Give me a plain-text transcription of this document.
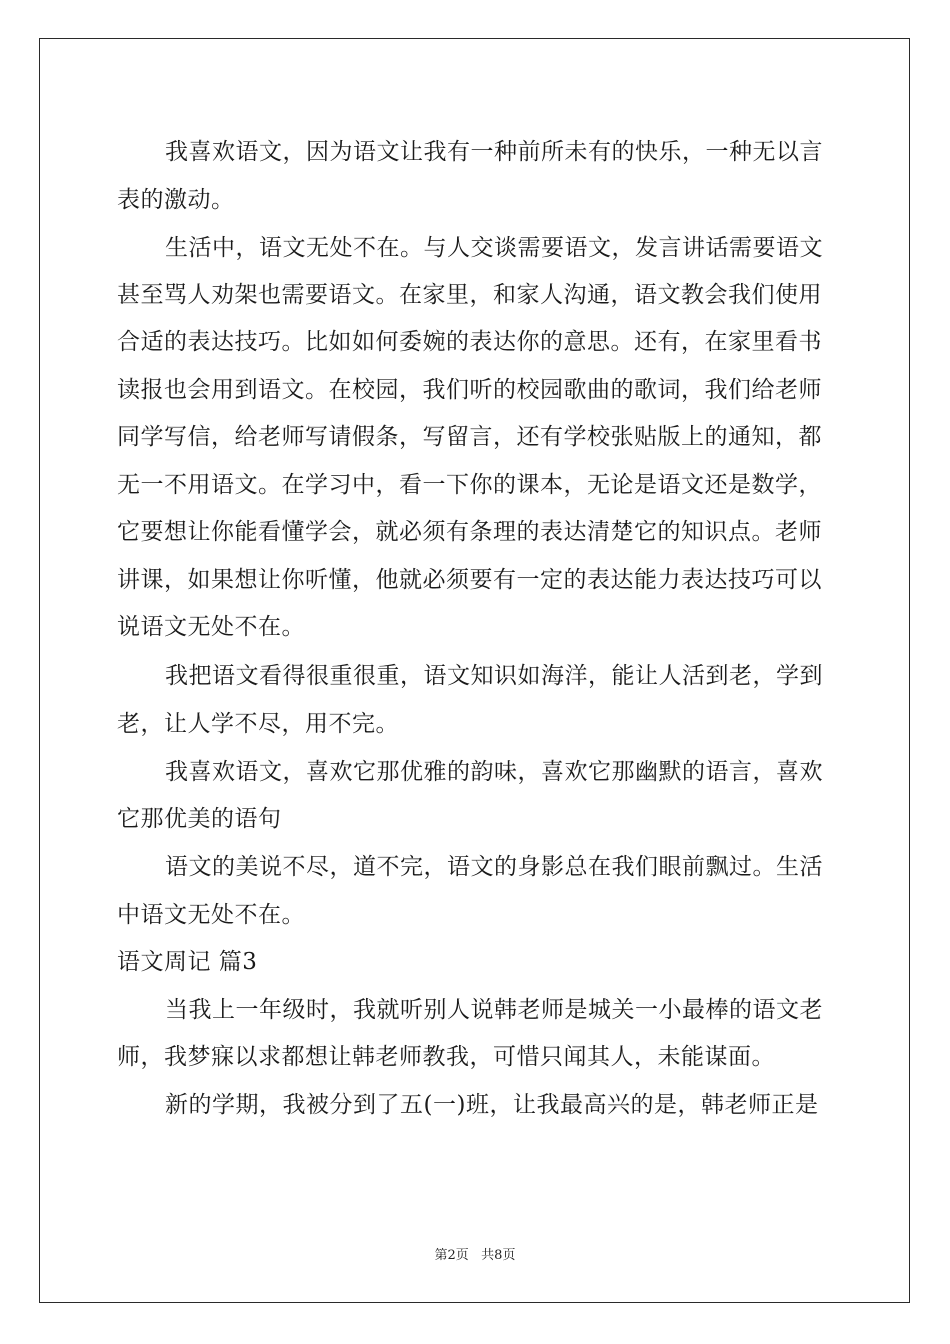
我喜欢语文，因为语文让我有一种前所未有的快乐，一种无以言
表的激动。
生活中，语文无处不在。与人交谈需要语文，发言讲话需要语文
甚至骂人劝架也需要语文。在家里，和家人沟通，语文教会我们使用
合适的表达技巧。比如如何委婉的表达你的意思。还有，在家里看书
读报也会用到语文。在校园，我们听的校园歌曲的歌词，我们给老师
同学写信，给老师写请假条，写留言，还有学校张贴版上的通知，都
无一不用语文。在学习中，看一下你的课本，无论是语文还是数学，
它要想让你能看懂学会，就必须有条理的表达清楚它的知识点。老师
讲课，如果想让你听懂，他就必须要有一定的表达能力表达技巧可以
说语文无处不在。
我把语文看得很重很重，语文知识如海洋，能让人活到老，学到
老，让人学不尽，用不完。
我喜欢语文，喜欢它那优雅的韵味，喜欢它那幽默的语言，喜欢
它那优美的语句
语文的美说不尽，道不完，语文的身影总在我们眼前飘过。生活
中语文无处不在。
语文周记 篇3
当我上一年级时，我就听别人说韩老师是城关一小最棒的语文老
师，我梦寐以求都想让韩老师教我，可惜只闻其人，未能谋面。
新的学期，我被分到了五(一)班，让我最高兴的是，韩老师正是
第2页   共8页
